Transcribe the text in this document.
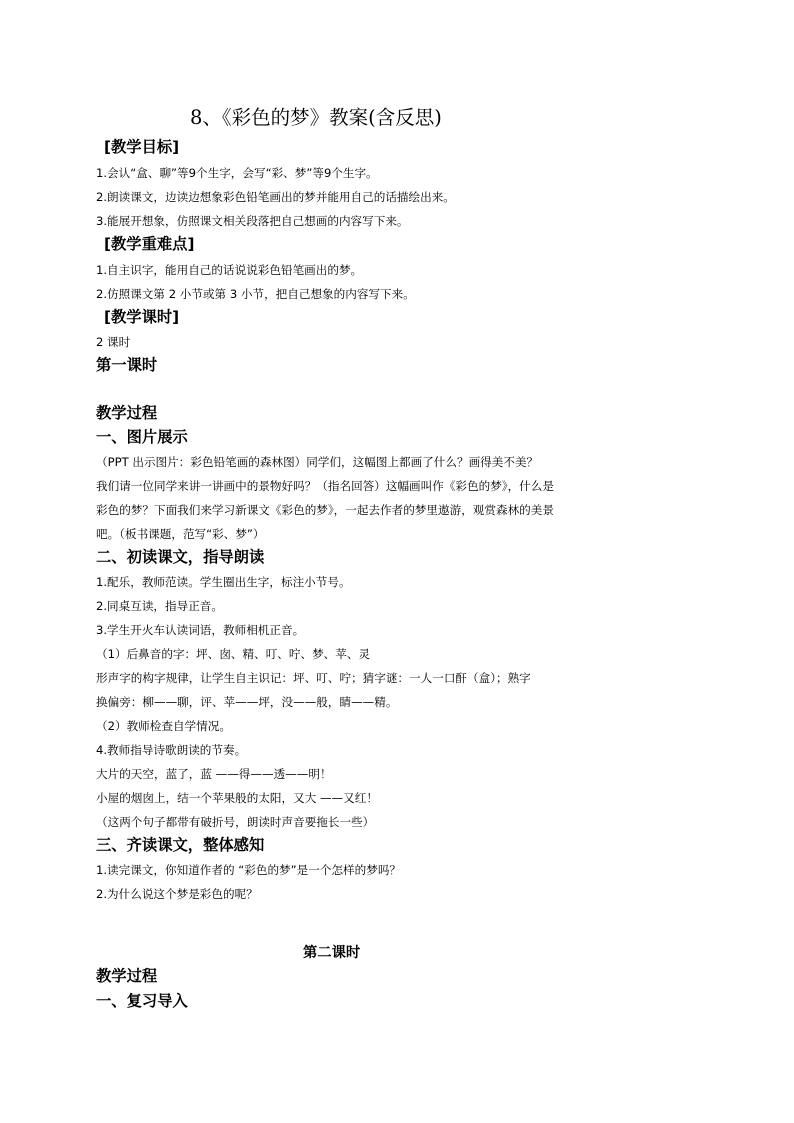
8、《彩色的梦》教案(含反思)
[教学目标]
1.会认“盒、聊”等9个生字，会写“彩、梦”等9个生字。
2.朗读课文，边读边想象彩色铅笔画出的梦并能用自己的话描绘出来。
3.能展开想象，仿照课文相关段落把自己想画的内容写下来。
[教学重难点]
1.自主识字，能用自己的话说说彩色铅笔画出的梦。
2.仿照课文第 2 小节或第 3 小节，把自己想象的内容写下来。
[教学课时]
2 课时
第一课时
教学过程
一、图片展示
（PPT 出示图片：彩色铅笔画的森林图）同学们，这幅图上都画了什么？画得美不美？
我们请一位同学来讲一讲画中的景物好吗？（指名回答）这幅画叫作《彩色的梦》，什么是
彩色的梦？下面我们来学习新课文《彩色的梦》，一起去作者的梦里遨游，观赏森林的美景
吧。（板书课题，范写“彩、梦”）
二、初读课文，指导朗读
1.配乐，教师范读。学生圈出生字，标注小节号。
2.同桌互读，指导正音。
3.学生开火车认读词语，教师相机正音。
（1）后鼻音的字：坪、囱、精、叮、咛、梦、苹、灵
形声字的构字规律，让学生自主识记：坪、叮、咛；猜字谜：一人一口酐（盒）；熟字
换偏旁：柳——聊，评、苹——坪，没——般，睛——精。
（2）教师检查自学情况。
4.教师指导诗歌朗读的节奏。
大片的天空，蓝了，蓝 ——得——透——明！
小屋的烟囱上，结一个苹果般的太阳，又大 ——又红！
（这两个句子都带有破折号，朗读时声音要拖长一些）
三、齐读课文，整体感知
1.读完课文，你知道作者的 “彩色的梦”是一个怎样的梦吗？
2.为什么说这个梦是彩色的呢？
第二课时
教学过程
一、复习导入
